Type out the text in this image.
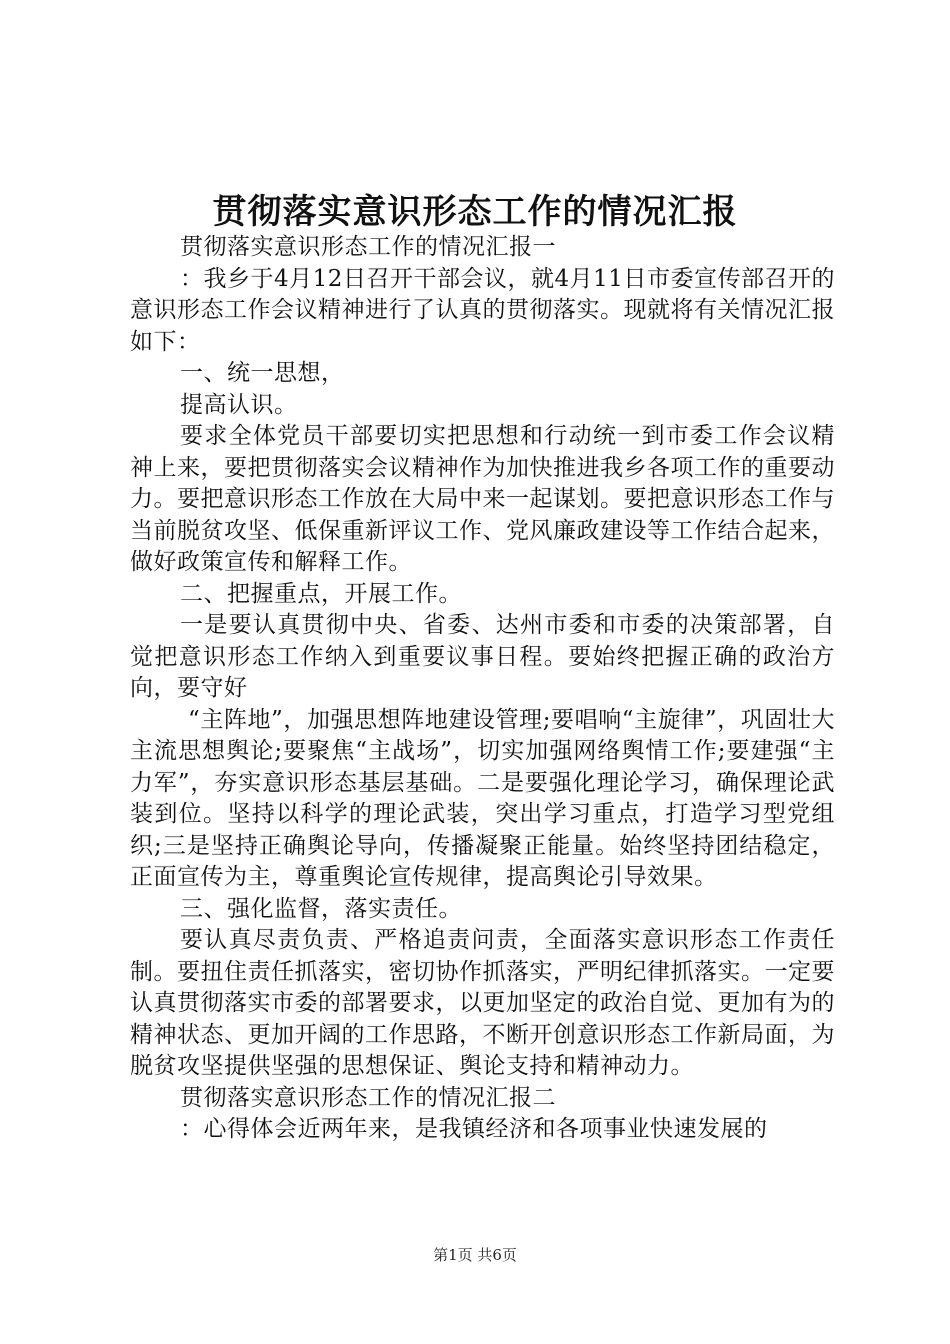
贯彻落实意识形态工作的情况汇报

贯彻落实意识形态工作的情况汇报一

：我乡于4月12日召开干部会议，就4月11日市委宣传部召开的意识形态工作会议精神进行了认真的贯彻落实。现就将有关情况汇报如下：

一、统一思想，

提高认识。

要求全体党员干部要切实把思想和行动统一到市委工作会议精神上来，要把贯彻落实会议精神作为加快推进我乡各项工作的重要动力。要把意识形态工作放在大局中来一起谋划。要把意识形态工作与当前脱贫攻坚、低保重新评议工作、党风廉政建设等工作结合起来，做好政策宣传和解释工作。

二、把握重点，开展工作。

一是要认真贯彻中央、省委、达州市委和市委的决策部署，自觉把意识形态工作纳入到重要议事日程。要始终把握正确的政治方向，要守好

“主阵地”，加强思想阵地建设管理;要唱响“主旋律”，巩固壮大主流思想舆论;要聚焦“主战场”，切实加强网络舆情工作;要建强“主力军”，夯实意识形态基层基础。二是要强化理论学习，确保理论武装到位。坚持以科学的理论武装，突出学习重点，打造学习型党组织;三是坚持正确舆论导向，传播凝聚正能量。始终坚持团结稳定，正面宣传为主，尊重舆论宣传规律，提高舆论引导效果。

三、强化监督，落实责任。

要认真尽责负责、严格追责问责，全面落实意识形态工作责任制。要扭住责任抓落实，密切协作抓落实，严明纪律抓落实。一定要认真贯彻落实市委的部署要求，以更加坚定的政治自觉、更加有为的精神状态、更加开阔的工作思路，不断开创意识形态工作新局面，为脱贫攻坚提供坚强的思想保证、舆论支持和精神动力。

贯彻落实意识形态工作的情况汇报二

：心得体会近两年来，是我镇经济和各项事业快速发展的

第1页 共6页
